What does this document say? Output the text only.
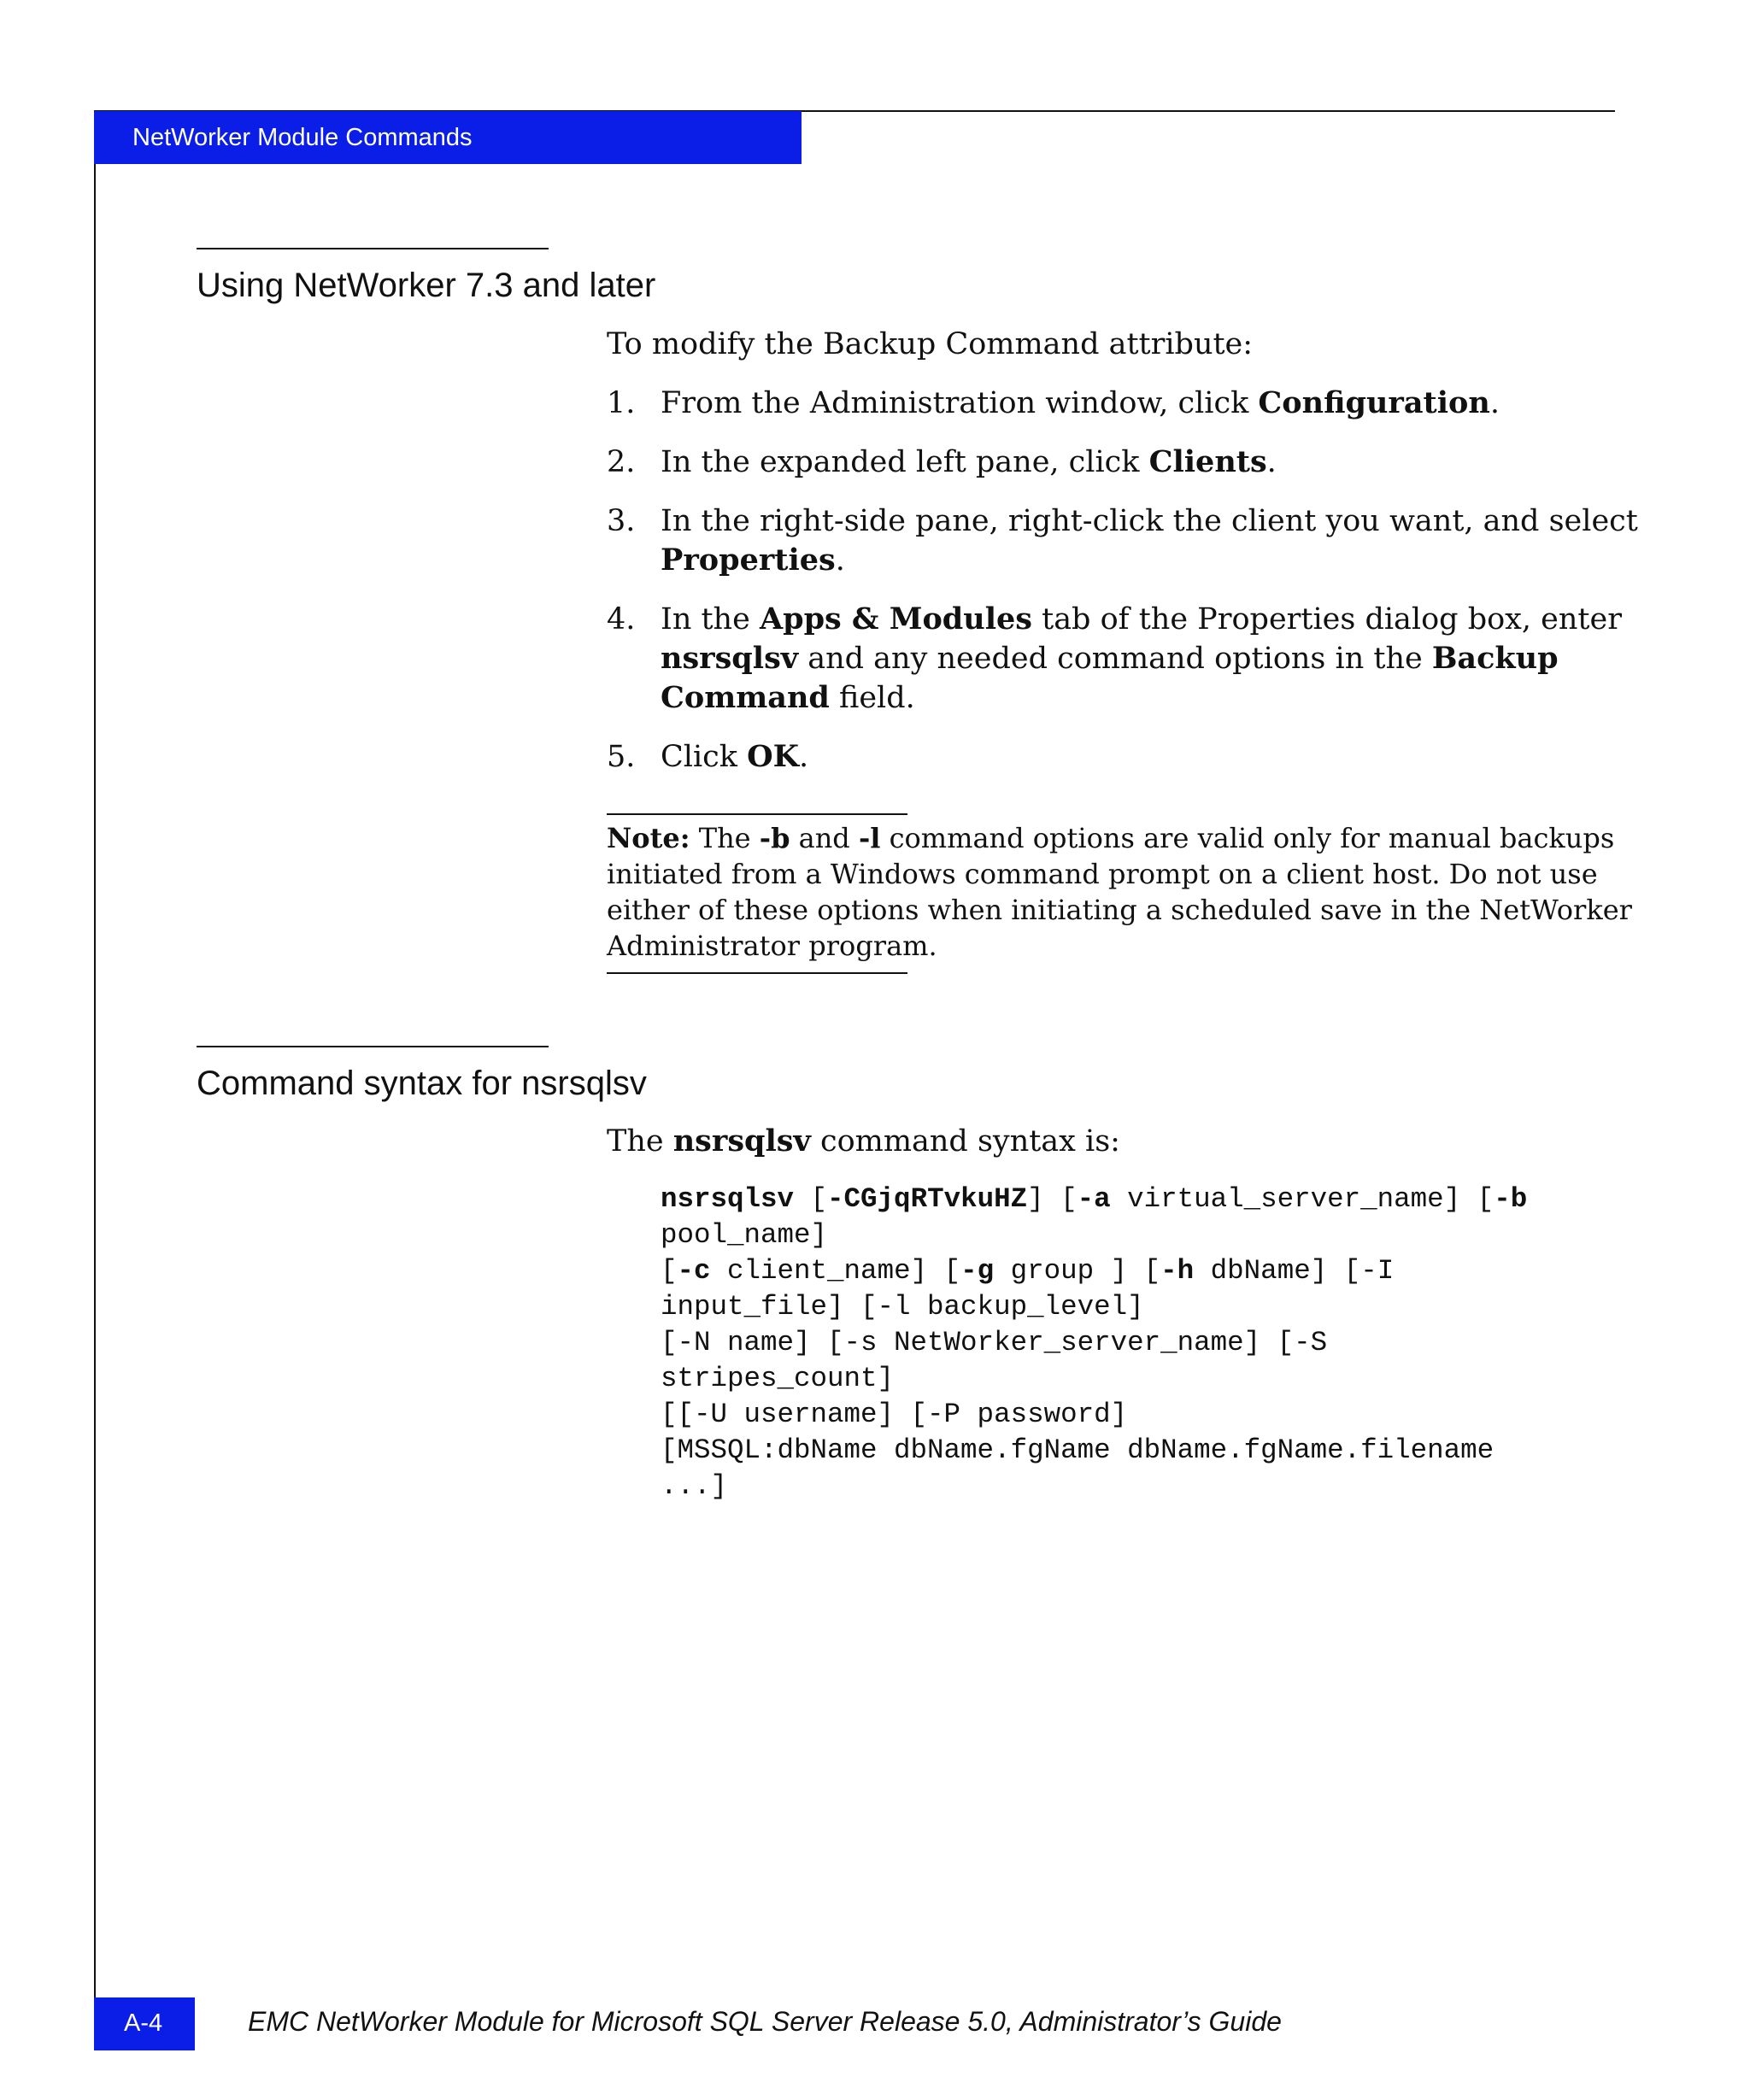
NetWorker Module Commands
Using NetWorker 7.3 and later
To modify the Backup Command attribute:
1. From the Administration window, click Configuration.
2. In the expanded left pane, click Clients.
3. In the right-side pane, right-click the client you want, and select
Properties.
4. In the Apps & Modules tab of the Properties dialog box, enter
nsrsqlsv and any needed command options in the Backup
Command field.
5. Click OK.
Note: The -b and -l command options are valid only for manual backups
initiated from a Windows command prompt on a client host. Do not use
either of these options when initiating a scheduled save in the NetWorker
Administrator program.
Command syntax for nsrsqlsv
The nsrsqlsv command syntax is:
nsrsqlsv [-CGjqRTvkuHZ] [-a virtual_server_name] [-b
pool_name]
[-c client_name] [-g group ] [-h dbName] [-I
input_file] [-l backup_level]
[-N name] [-s NetWorker_server_name] [-S
stripes_count]
[[-U username] [-P password]
[MSSQL:dbName dbName.fgName dbName.fgName.filename
...]
A-4	EMC NetWorker Module for Microsoft SQL Server Release 5.0, Administrator’s Guide
